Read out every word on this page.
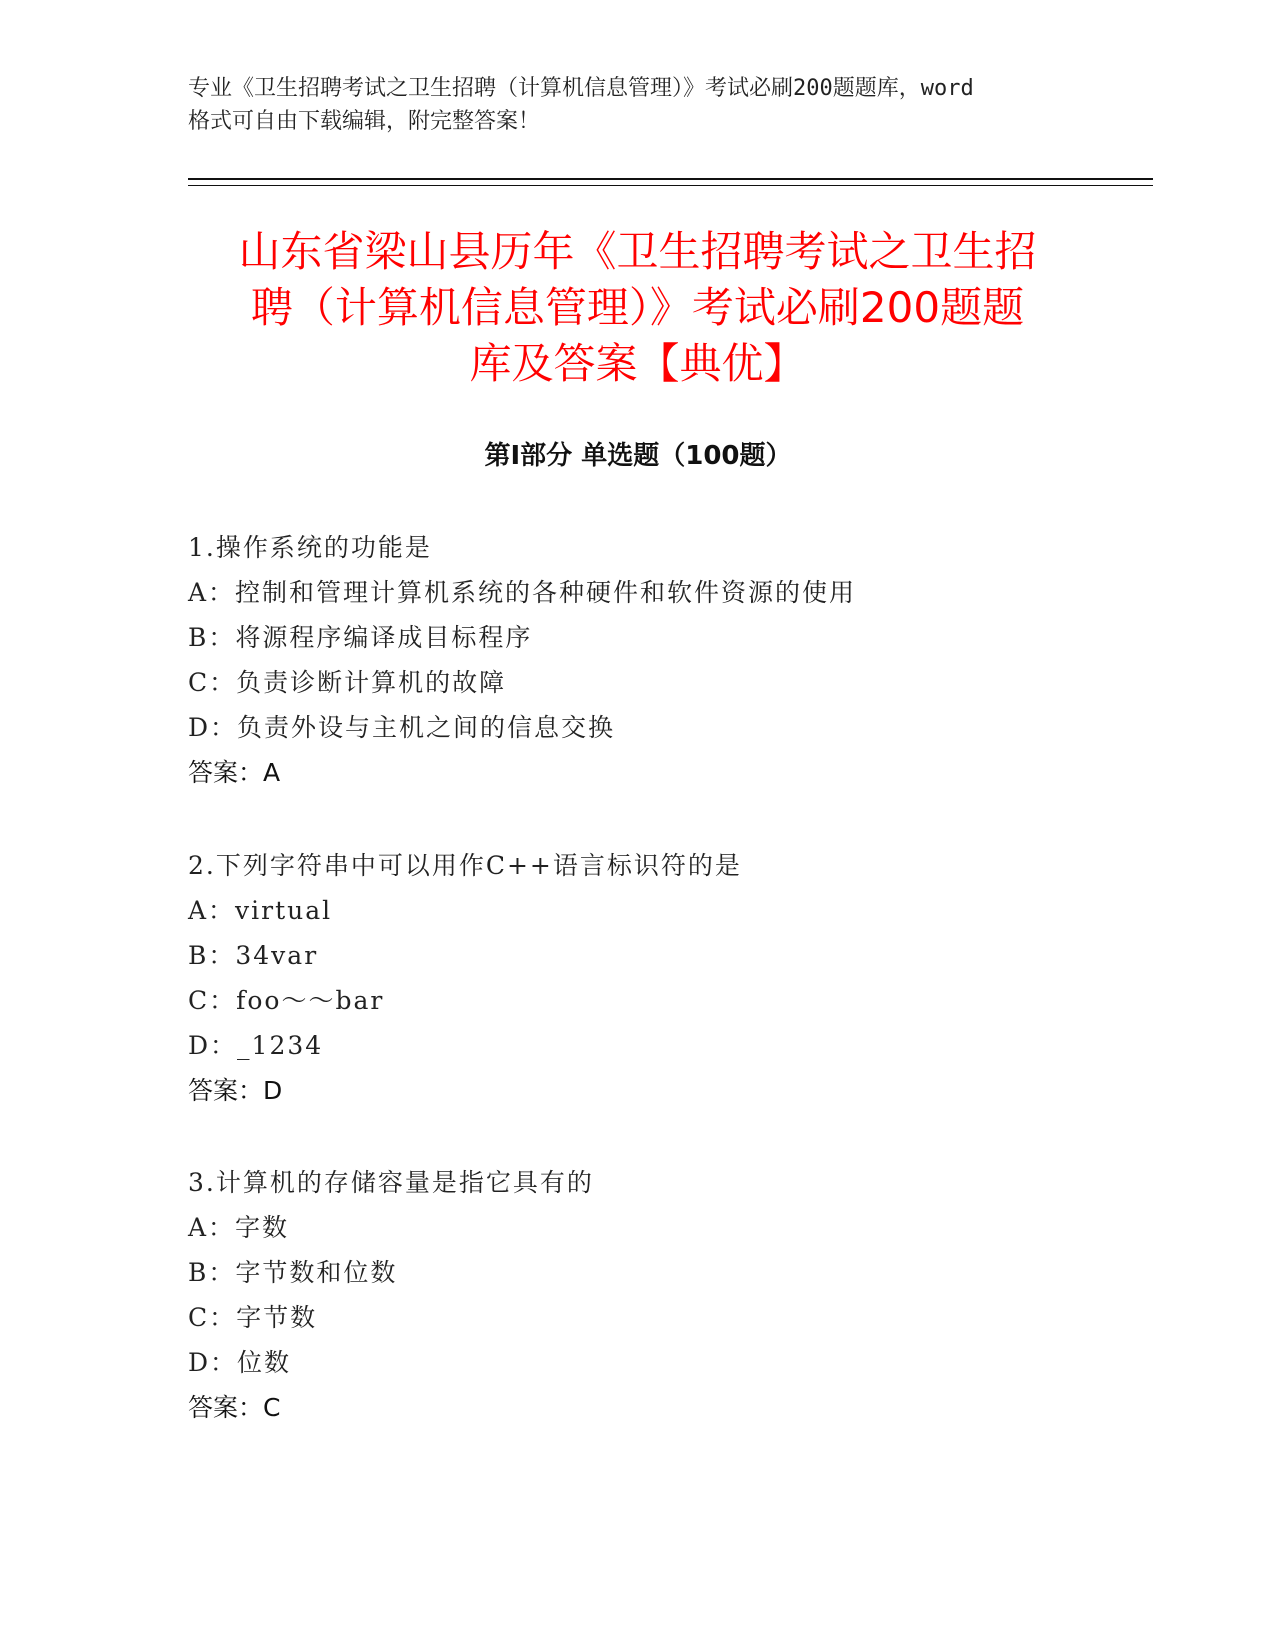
专业《卫生招聘考试之卫生招聘（计算机信息管理）》考试必刷200题题库，word
格式可自由下载编辑，附完整答案！
山东省梁山县历年《卫生招聘考试之卫生招
聘（计算机信息管理）》考试必刷200题题
库及答案【典优】
第I部分 单选题（100题）
1.操作系统的功能是
A：控制和管理计算机系统的各种硬件和软件资源的使用
B：将源程序编译成目标程序
C：负责诊断计算机的故障
D：负责外设与主机之间的信息交换
答案：A
2.下列字符串中可以用作C++语言标识符的是
A：virtual
B：34var
C：foo～～bar
D：_1234
答案：D
3.计算机的存储容量是指它具有的
A：字数
B：字节数和位数
C：字节数
D：位数
答案：C
